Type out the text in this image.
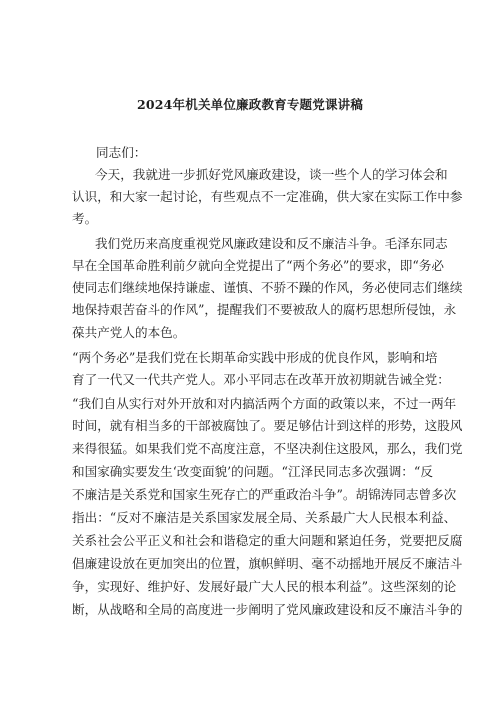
2024年机关单位廉政教育专题党课讲稿
同志们：
今天，我就进一步抓好党风廉政建设，谈一些个人的学习体会和
认识，和大家一起讨论，有些观点不一定准确，供大家在实际工作中参
考。
我们党历来高度重视党风廉政建设和反不廉洁斗争。毛泽东同志
早在全国革命胜利前夕就向全党提出了“两个务必”的要求，即“务必
使同志们继续地保持谦虚、谨慎、不骄不躁的作风，务必使同志们继续
地保持艰苦奋斗的作风”，提醒我们不要被敌人的腐朽思想所侵蚀，永
葆共产党人的本色。
“两个务必”是我们党在长期革命实践中形成的优良作风，影响和培
育了一代又一代共产党人。邓小平同志在改革开放初期就告诫全党：
“我们自从实行对外开放和对内搞活两个方面的政策以来，不过一两年
时间，就有相当多的干部被腐蚀了。要足够估计到这样的形势，这股风
来得很猛。如果我们党不高度注意，不坚决刹住这股风，那么，我们党
和国家确实要发生‘改变面貌’的问题。“江泽民同志多次强调：“反
不廉洁是关系党和国家生死存亡的严重政治斗争”。胡锦涛同志曾多次
指出：“反对不廉洁是关系国家发展全局、关系最广大人民根本利益、
关系社会公平正义和社会和谐稳定的重大问题和紧迫任务，党要把反腐
倡廉建设放在更加突出的位置，旗帜鲜明、毫不动摇地开展反不廉洁斗
争，实现好、维护好、发展好最广大人民的根本利益”。这些深刻的论
断，从战略和全局的高度进一步阐明了党风廉政建设和反不廉洁斗争的
